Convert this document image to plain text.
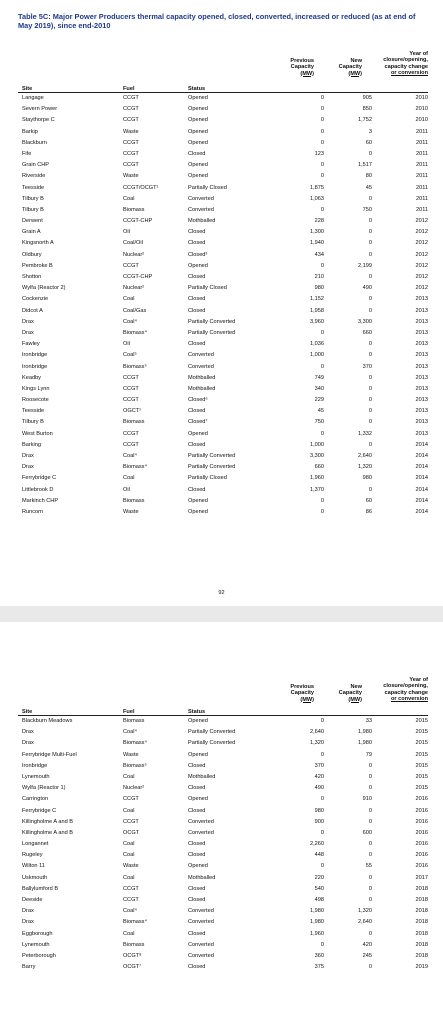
Table 5C: Major Power Producers thermal capacity opened, closed, converted, increased or reduced (as at end of May 2019), since end-2010
Previous
Capacity
(MW)
New
Capacity
(MW)
Year of
closure/opening,
capacity change
or conversion
Site	Fuel	Status
Langage	CCGT	Opened	0	905	2010
Severn Power	CCGT	Opened	0	850	2010
Staythorpe C	CCGT	Opened	0	1,752	2010
Barkip	Waste	Opened	0	3	2011
Blackburn	CCGT	Opened	0	60	2011
Fife	CCGT	Closed	123	0	2011
Grain CHP	CCGT	Opened	0	1,517	2011
Riverside	Waste	Opened	0	80	2011
Teesside	CCGT/OCGT¹	Partially Closed	1,875	45	2011
Tilbury B	Coal	Converted	1,063	0	2011
Tilbury B	Biomass	Converted	0	750	2011
Derwent	CCGT-CHP	Mothballed	228	0	2012
Grain A	Oil	Closed	1,300	0	2012
Kingsnorth A	Coal/Oil	Closed	1,940	0	2012
Oldbury	Nuclear²	Closed³	434	0	2012
Pembroke B	CCGT	Opened	0	2,199	2012
Shotton	CCGT-CHP	Closed	210	0	2012
Wylfa (Reactor 2)	Nuclear²	Partially Closed	980	490	2012
Cockenzie	Coal	Closed	1,152	0	2013
Didcot A	Coal/Gas	Closed	1,958	0	2013
Drax	Coal⁴	Partially Converted	3,960	3,300	2013
Drax	Biomass⁴	Partially Converted	0	660	2013
Fawley	Oil	Closed	1,036	0	2013
Ironbridge	Coal⁵	Converted	1,000	0	2013
Ironbridge	Biomass⁵	Converted	0	370	2013
Keadby	CCGT	Mothballed	749	0	2013
Kings Lynn	CCGT	Mothballed	340	0	2013
Roosecote	CCGT	Closed⁶	229	0	2013
Teesside	OGCT¹	Closed	45	0	2013
Tilbury B	Biomass	Closed⁷	750	0	2013
West Burton	CCGT	Opened	0	1,332	2013
Barking	CCGT	Closed	1,000	0	2014
Drax	Coal⁴	Partially Converted	3,300	2,640	2014
Drax	Biomass⁴	Partially Converted	660	1,320	2014
Ferrybridge C	Coal	Partially Closed	1,960	980	2014
Littlebrook D	Oil	Closed	1,370	0	2014
Markinch CHP	Biomass	Opened	0	60	2014
Runcorn	Waste	Opened	0	86	2014
92
Previous
Capacity
(MW)
New
Capacity
(MW)
Year of
closure/opening,
capacity change
or conversion
Site	Fuel	Status
Blackburn Meadows	Biomass	Opened	0	33	2015
Drax	Coal⁴	Partially Converted	2,640	1,980	2015
Drax	Biomass⁴	Partially Converted	1,320	1,980	2015
Ferrybridge Multi-Fuel	Waste	Opened	0	79	2015
Ironbridge	Biomass⁵	Closed	370	0	2015
Lynemouth	Coal	Mothballed	420	0	2015
Wylfa (Reactor 1)	Nuclear²	Closed	490	0	2015
Carrington	CCGT	Opened	0	910	2016
Ferrybridge C	Coal	Closed	980	0	2016
Killingholme A and B	CCGT	Converted	900	0	2016
Killingholme A and B	OCGT	Converted	0	600	2016
Longannet	Coal	Closed	2,260	0	2016
Rugeley	Coal	Closed	448	0	2016
Wilton 11	Waste	Opened	0	55	2016
Uskmouth	Coal	Mothballed	220	0	2017
Ballylumford B	CCGT	Closed	540	0	2018
Deeside	CCGT	Closed	498	0	2018
Drax	Coal⁴	Converted	1,980	1,320	2018
Drax	Biomass⁴	Converted	1,980	2,640	2018
Eggborough	Coal	Closed	1,960	0	2018
Lynemouth	Biomass	Converted	0	420	2018
Peterborough	OCGT⁸	Converted	360	245	2018
Barry	OCGT⁷	Closed	375	0	2019
